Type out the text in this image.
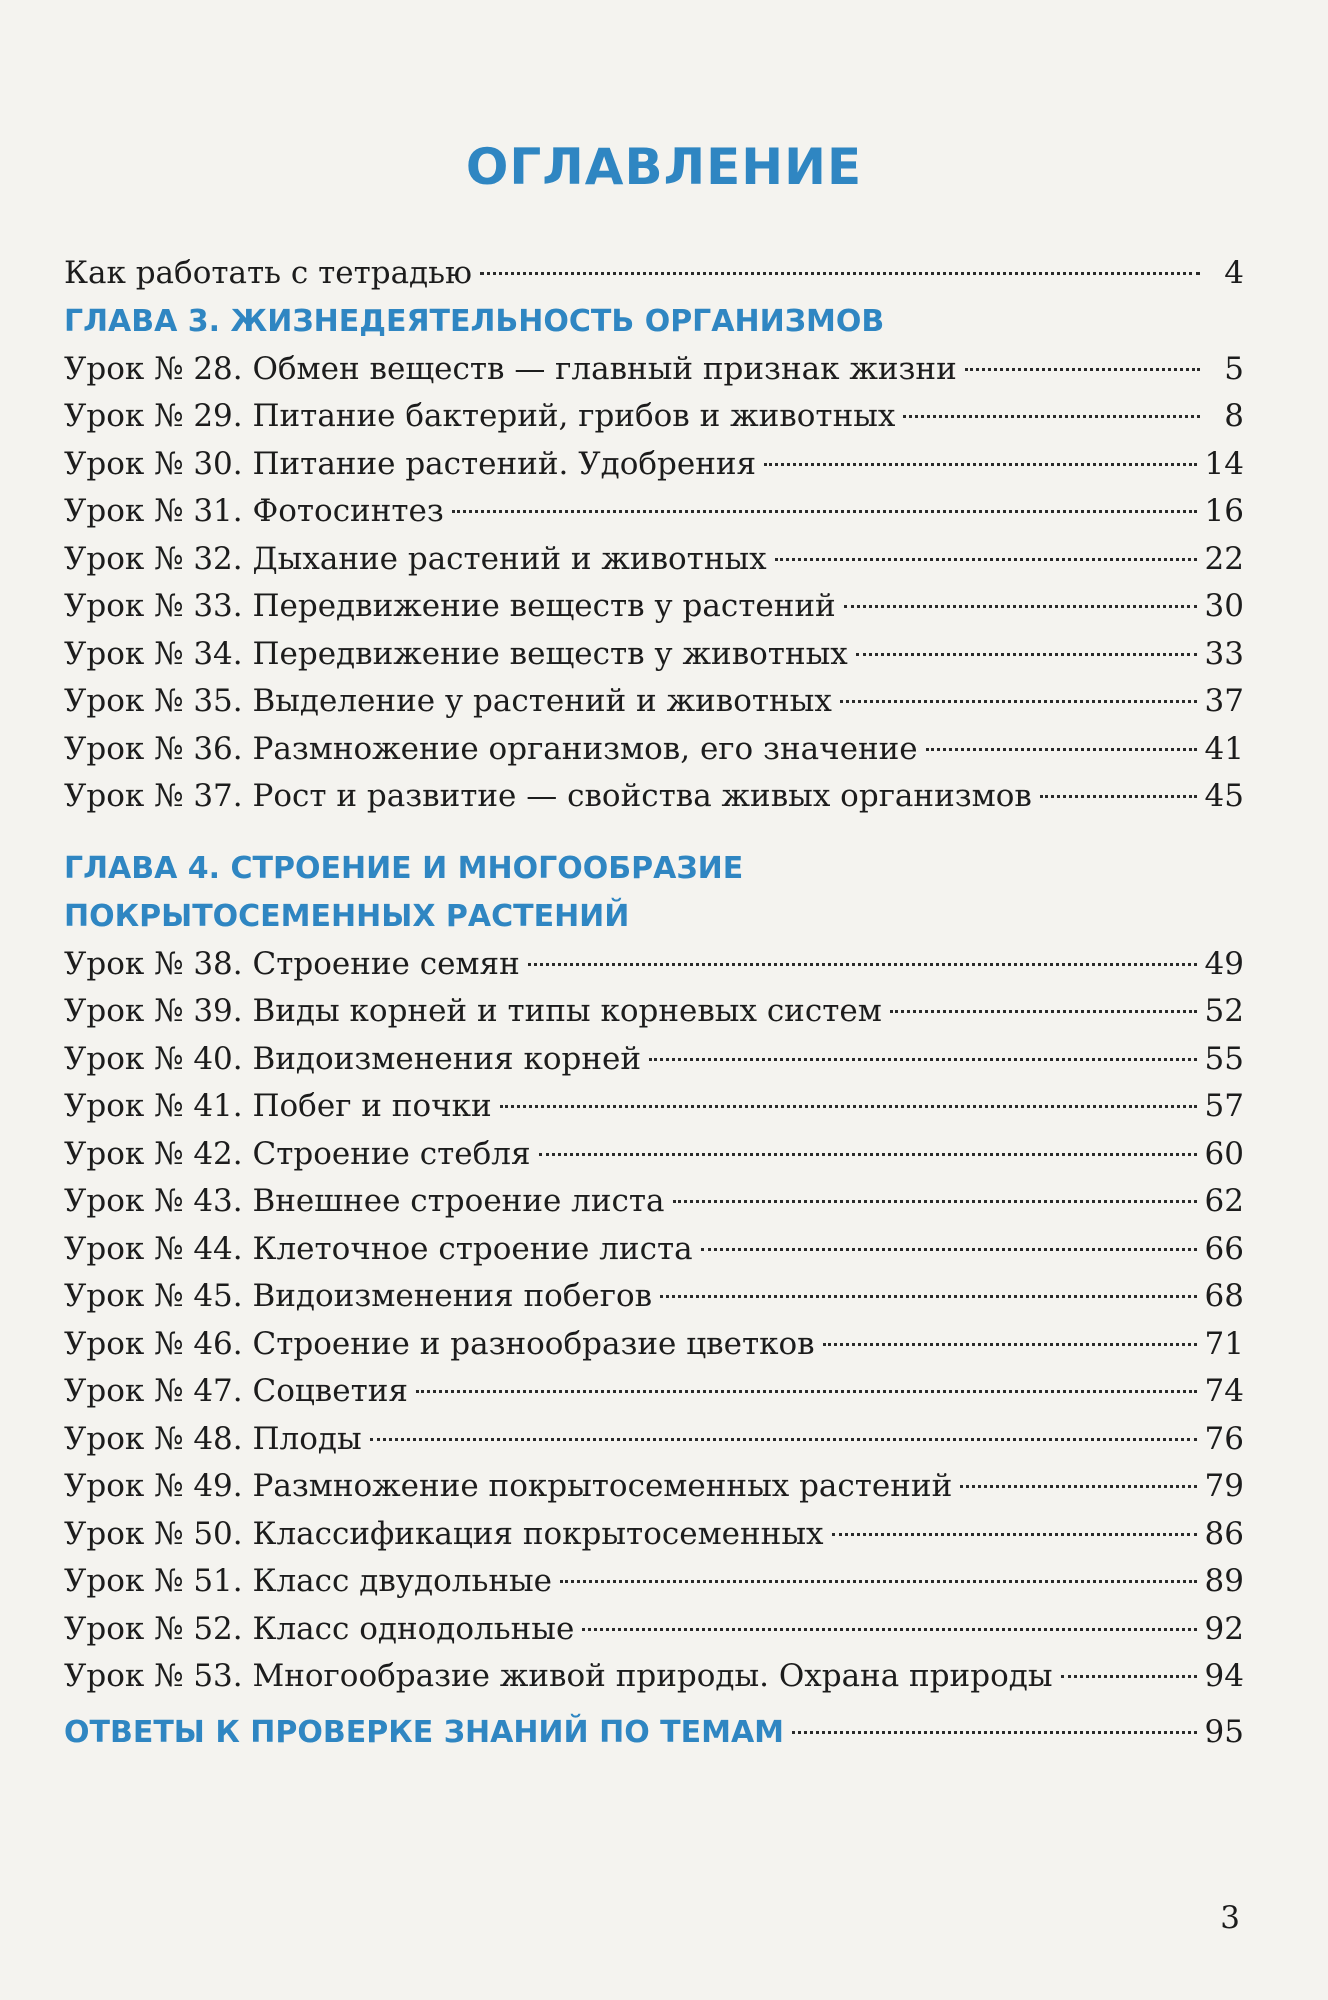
ОГЛАВЛЕНИЕ
Как работать с тетрадью	4
ГЛАВА 3. ЖИЗНЕДЕЯТЕЛЬНОСТЬ ОРГАНИЗМОВ
Урок № 28. Обмен веществ — главный признак жизни	5
Урок № 29. Питание бактерий, грибов и животных	8
Урок № 30. Питание растений. Удобрения	14
Урок № 31. Фотосинтез	16
Урок № 32. Дыхание растений и животных	22
Урок № 33. Передвижение веществ у растений	30
Урок № 34. Передвижение веществ у животных	33
Урок № 35. Выделение у растений и животных	37
Урок № 36. Размножение организмов, его значение	41
Урок № 37. Рост и развитие — свойства живых организмов	45
ГЛАВА 4. СТРОЕНИЕ И МНОГООБРАЗИЕ
ПОКРЫТОСЕМЕННЫХ РАСТЕНИЙ
Урок № 38. Строение семян	49
Урок № 39. Виды корней и типы корневых систем	52
Урок № 40. Видоизменения корней	55
Урок № 41. Побег и почки	57
Урок № 42. Строение стебля	60
Урок № 43. Внешнее строение листа	62
Урок № 44. Клеточное строение листа	66
Урок № 45. Видоизменения побегов	68
Урок № 46. Строение и разнообразие цветков	71
Урок № 47. Соцветия	74
Урок № 48. Плоды	76
Урок № 49. Размножение покрытосеменных растений	79
Урок № 50. Классификация покрытосеменных	86
Урок № 51. Класс двудольные	89
Урок № 52. Класс однодольные	92
Урок № 53. Многообразие живой природы. Охрана природы	94
ОТВЕТЫ К ПРОВЕРКЕ ЗНАНИЙ ПО ТЕМАМ	95
3
